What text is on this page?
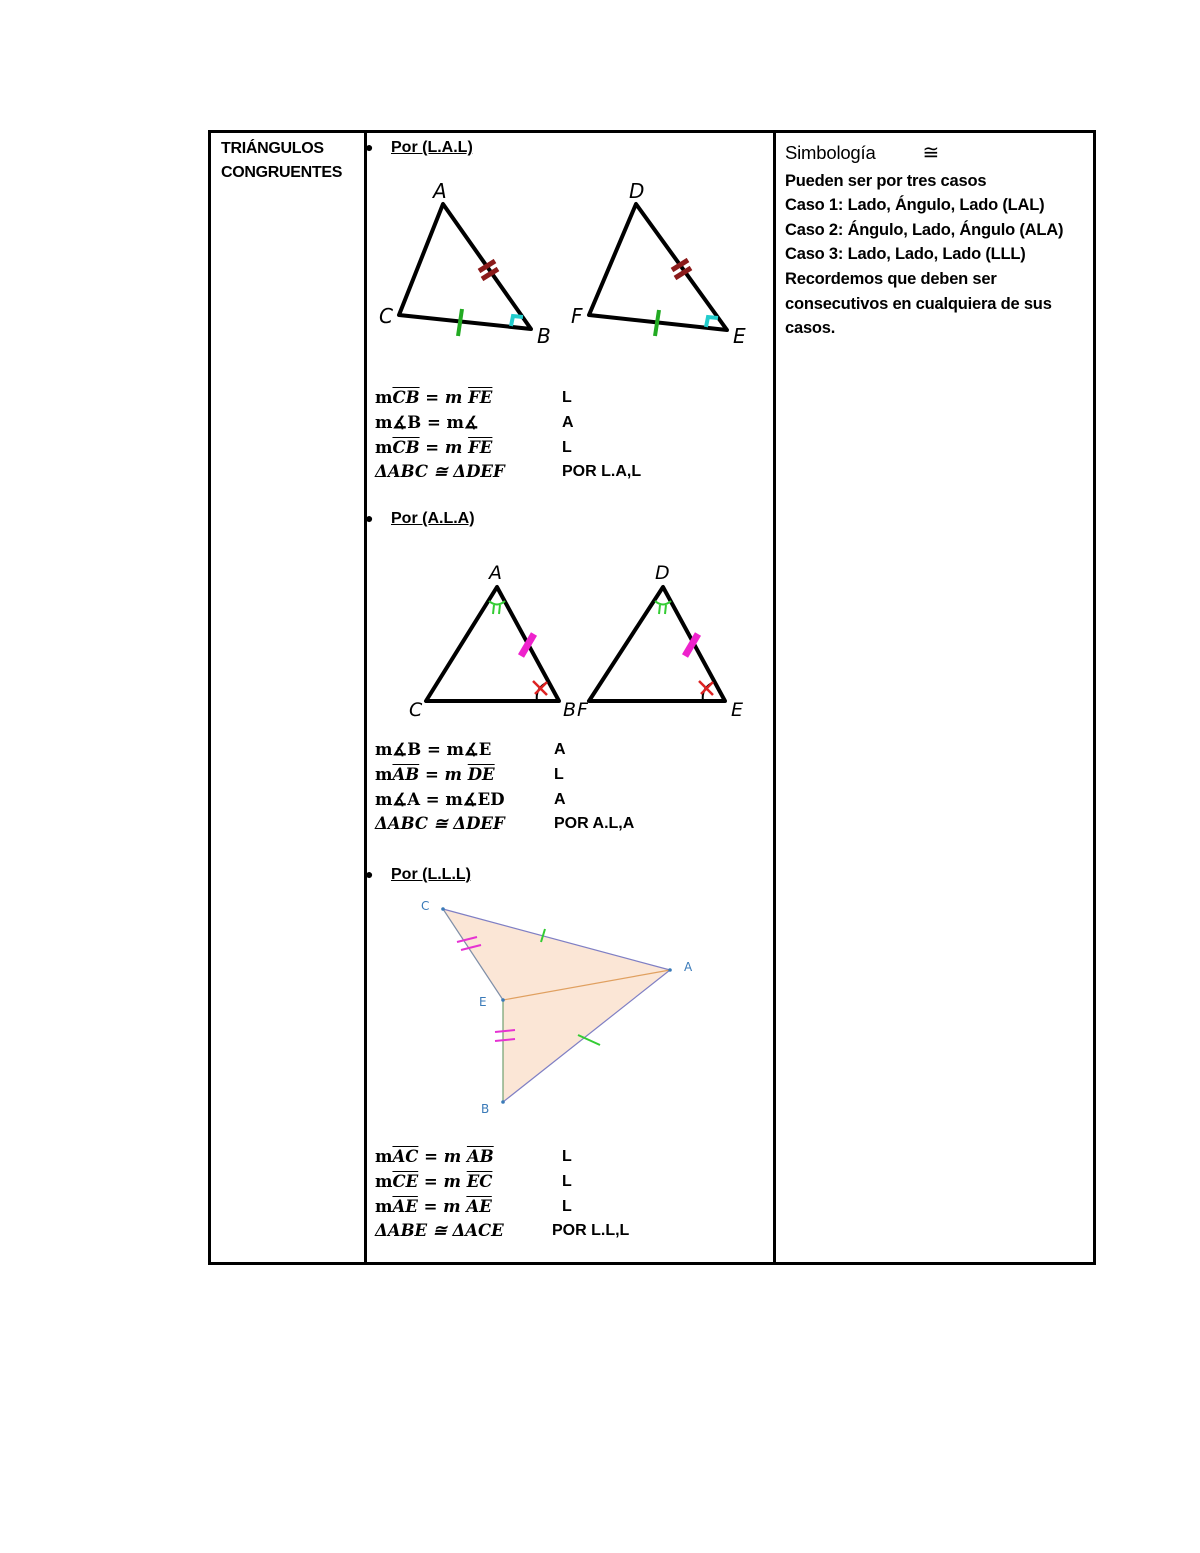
TRIÁNGULOS
CONGRUENTES
● Por (L.A.L)
A
C
B
D
F
E
$m\overline{CB} = m$ $\overline{FE}$	L
m∡B = m∡	A
$m\overline{CB} = m$ $\overline{FE}$	L
ΔABC ≅ ΔDEF	POR L.A,L
● Por (A.L.A)
A
C	B
D
F	E
m∡B = m∡E	A
$m\overline{AB} = m$ $\overline{DE}$	L
m∡A = m∡ED	A
ΔABC ≅ ΔDEF	POR A.L,A
● Por (L.L.L)
C
A
E
B
$m\overline{AC} = m$ $\overline{AB}$	L
$m\overline{CE} = m$ $\overline{EC}$	L
$m\overline{AE} = m$ $\overline{AE}$	L
ΔABE ≅ ΔACE	POR L.L,L
Simbología ≅
Pueden ser por tres casos
Caso 1: Lado, Ángulo, Lado (LAL)
Caso 2: Ángulo, Lado, Ángulo (ALA)
Caso 3: Lado, Lado, Lado (LLL)
Recordemos que deben ser
consecutivos en cualquiera de sus
casos.
